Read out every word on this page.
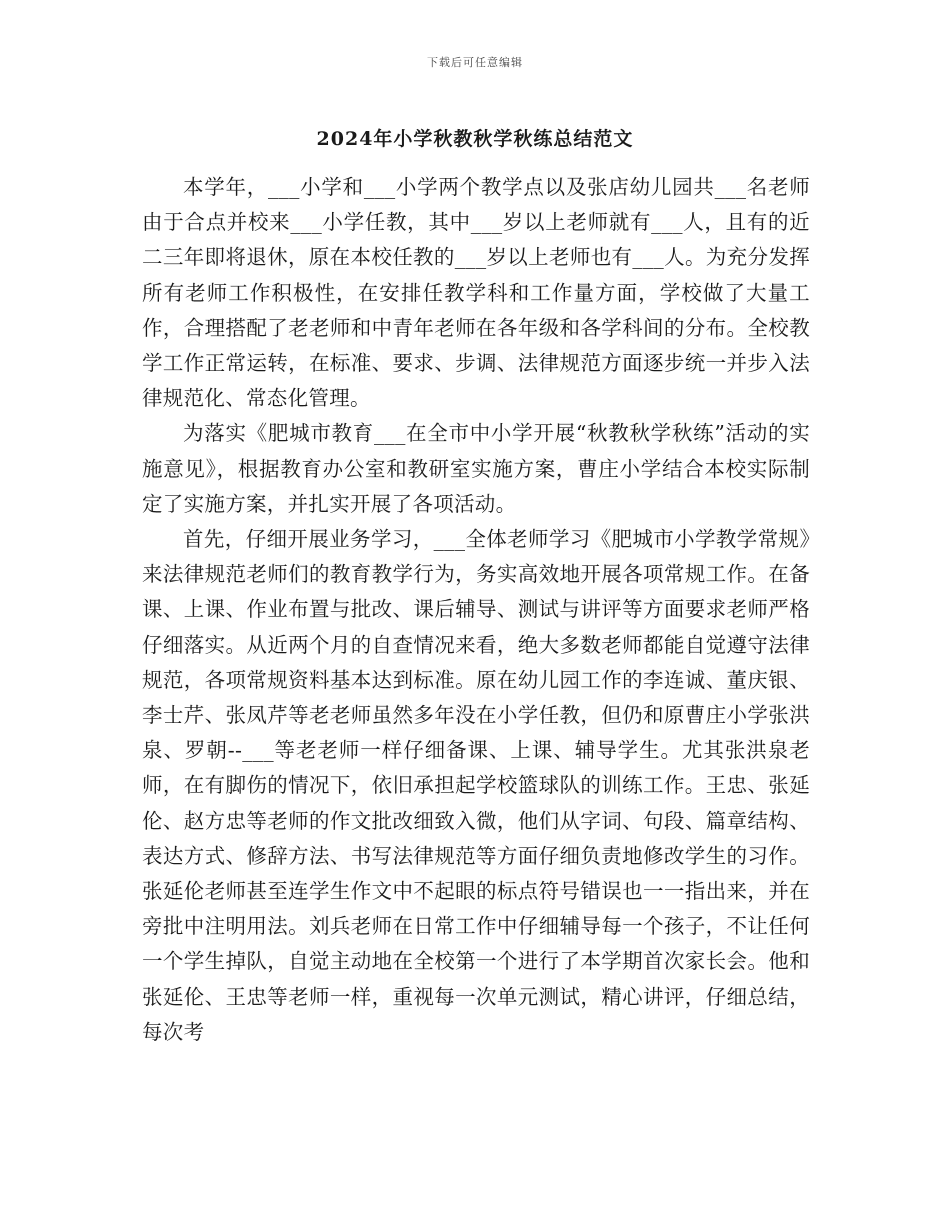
下载后可任意编辑
2024年小学秋教秋学秋练总结范文

本学年，___小学和___小学两个教学点以及张店幼儿园共___名老师由于合点并校来___小学任教，其中___岁以上老师就有___人，且有的近二三年即将退休，原在本校任教的___岁以上老师也有___人。为充分发挥所有老师工作积极性，在安排任教学科和工作量方面，学校做了大量工作，合理搭配了老老师和中青年老师在各年级和各学科间的分布。全校教学工作正常运转，在标准、要求、步调、法律规范方面逐步统一并步入法律规范化、常态化管理。

为落实《肥城市教育___在全市中小学开展“秋教秋学秋练”活动的实施意见》，根据教育办公室和教研室实施方案，曹庄小学结合本校实际制定了实施方案，并扎实开展了各项活动。

首先，仔细开展业务学习，___全体老师学习《肥城市小学教学常规》来法律规范老师们的教育教学行为，务实高效地开展各项常规工作。在备课、上课、作业布置与批改、课后辅导、测试与讲评等方面要求老师严格仔细落实。从近两个月的自查情况来看，绝大多数老师都能自觉遵守法律规范，各项常规资料基本达到标准。原在幼儿园工作的李连诚、董庆银、李士芹、张凤芹等老老师虽然多年没在小学任教，但仍和原曹庄小学张洪泉、罗朝--___等老老师一样仔细备课、上课、辅导学生。尤其张洪泉老师，在有脚伤的情况下，依旧承担起学校篮球队的训练工作。王忠、张延伦、赵方忠等老师的作文批改细致入微，他们从字词、句段、篇章结构、表达方式、修辞方法、书写法律规范等方面仔细负责地修改学生的习作。张延伦老师甚至连学生作文中不起眼的标点符号错误也一一指出来，并在旁批中注明用法。刘兵老师在日常工作中仔细辅导每一个孩子，不让任何一个学生掉队，自觉主动地在全校第一个进行了本学期首次家长会。他和张延伦、王忠等老师一样，重视每一次单元测试，精心讲评，仔细总结，每次考
